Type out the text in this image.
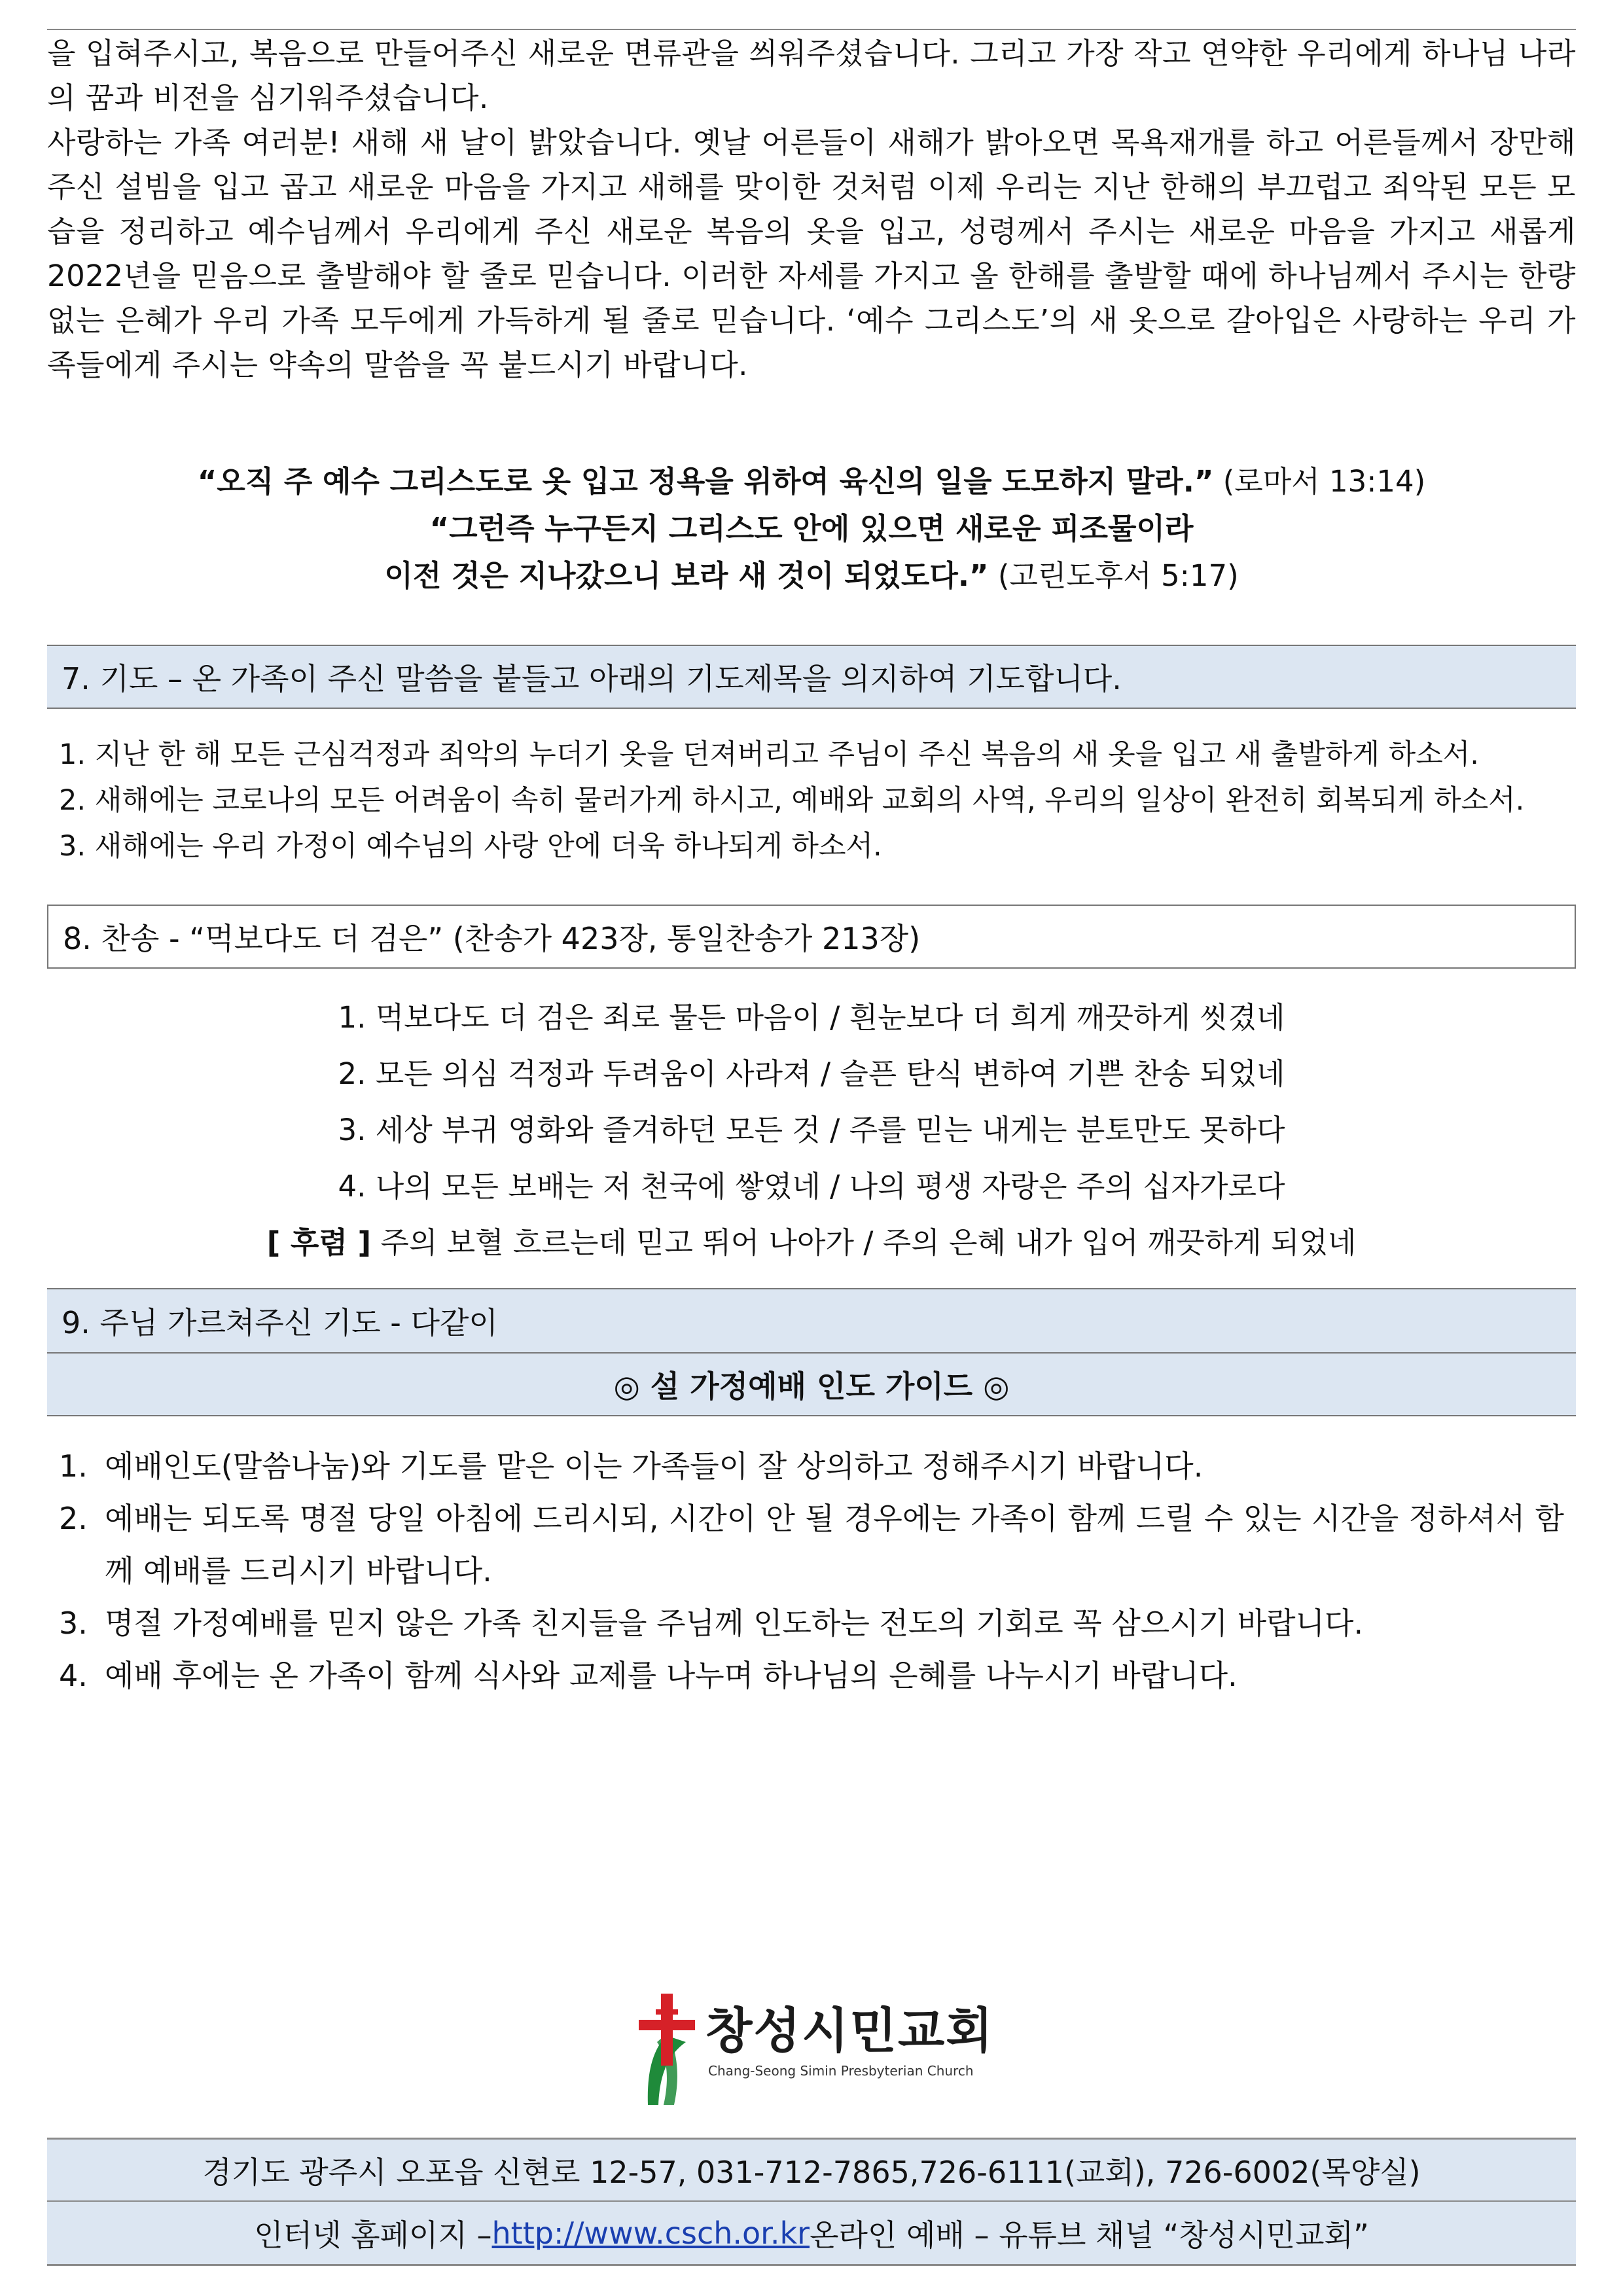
을 입혀주시고, 복음으로 만들어주신 새로운 면류관을 씌워주셨습니다. 그리고 가장 작고 연약한 우리에게 하나님 나라의 꿈과 비전을 심기워주셨습니다.

사랑하는 가족 여러분! 새해 새 날이 밝았습니다. 옛날 어른들이 새해가 밝아오면 목욕재개를 하고 어른들께서 장만해 주신 설빔을 입고 곱고 새로운 마음을 가지고 새해를 맞이한 것처럼 이제 우리는 지난 한해의 부끄럽고 죄악된 모든 모습을 정리하고 예수님께서 우리에게 주신 새로운 복음의 옷을 입고, 성령께서 주시는 새로운 마음을 가지고 새롭게 2022년을 믿음으로 출발해야 할 줄로 믿습니다. 이러한 자세를 가지고 올 한해를 출발할 때에 하나님께서 주시는 한량없는 은혜가 우리 가족 모두에게 가득하게 될 줄로 믿습니다. ‘예수 그리스도’의 새 옷으로 갈아입은 사랑하는 우리 가족들에게 주시는 약속의 말씀을 꼭 붙드시기 바랍니다.

“오직 주 예수 그리스도로 옷 입고 정욕을 위하여 육신의 일을 도모하지 말라.” (로마서 13:14)
“그런즉 누구든지 그리스도 안에 있으면 새로운 피조물이라
이전 것은 지나갔으니 보라 새 것이 되었도다.” (고린도후서 5:17)
7. 기도 – 온 가족이 주신 말씀을 붙들고 아래의 기도제목을 의지하여 기도합니다.
1. 지난 한 해 모든 근심걱정과 죄악의 누더기 옷을 던져버리고 주님이 주신 복음의 새 옷을 입고 새 출발하게 하소서.
2. 새해에는 코로나의 모든 어려움이 속히 물러가게 하시고, 예배와 교회의 사역, 우리의 일상이 완전히 회복되게 하소서.
3. 새해에는 우리 가정이 예수님의 사랑 안에 더욱 하나되게 하소서.
8. 찬송 - “먹보다도 더 검은” (찬송가 423장, 통일찬송가 213장)
1. 먹보다도 더 검은 죄로 물든 마음이 / 흰눈보다 더 희게 깨끗하게 씻겼네
2. 모든 의심 걱정과 두려움이 사라져 / 슬픈 탄식 변하여 기쁜 찬송 되었네
3. 세상 부귀 영화와 즐겨하던 모든 것 / 주를 믿는 내게는 분토만도 못하다
4. 나의 모든 보배는 저 천국에 쌓였네 / 나의 평생 자랑은 주의 십자가로다
[ 후렴 ] 주의 보혈 흐르는데 믿고 뛰어 나아가 / 주의 은혜 내가 입어 깨끗하게 되었네
9. 주님 가르쳐주신 기도 - 다같이
◎ 설 가정예배 인도 가이드 ◎
1. 예배인도(말씀나눔)와 기도를 맡은 이는 가족들이 잘 상의하고 정해주시기 바랍니다.
2. 예배는 되도록 명절 당일 아침에 드리시되, 시간이 안 될 경우에는 가족이 함께 드릴 수 있는 시간을 정하셔서 함께 예배를 드리시기 바랍니다.
3. 명절 가정예배를 믿지 않은 가족 친지들을 주님께 인도하는 전도의 기회로 꼭 삼으시기 바랍니다.
4. 예배 후에는 온 가족이 함께 식사와 교제를 나누며 하나님의 은혜를 나누시기 바랍니다.
창성시민교회
Chang-Seong Simin Presbyterian Church
경기도 광주시 오포읍 신현로 12-57, 031-712-7865,726-6111(교회), 726-6002(목양실)
인터넷 홈페이지 – http://www.csch.or.kr 온라인 예배 – 유튜브 채널 “창성시민교회”
